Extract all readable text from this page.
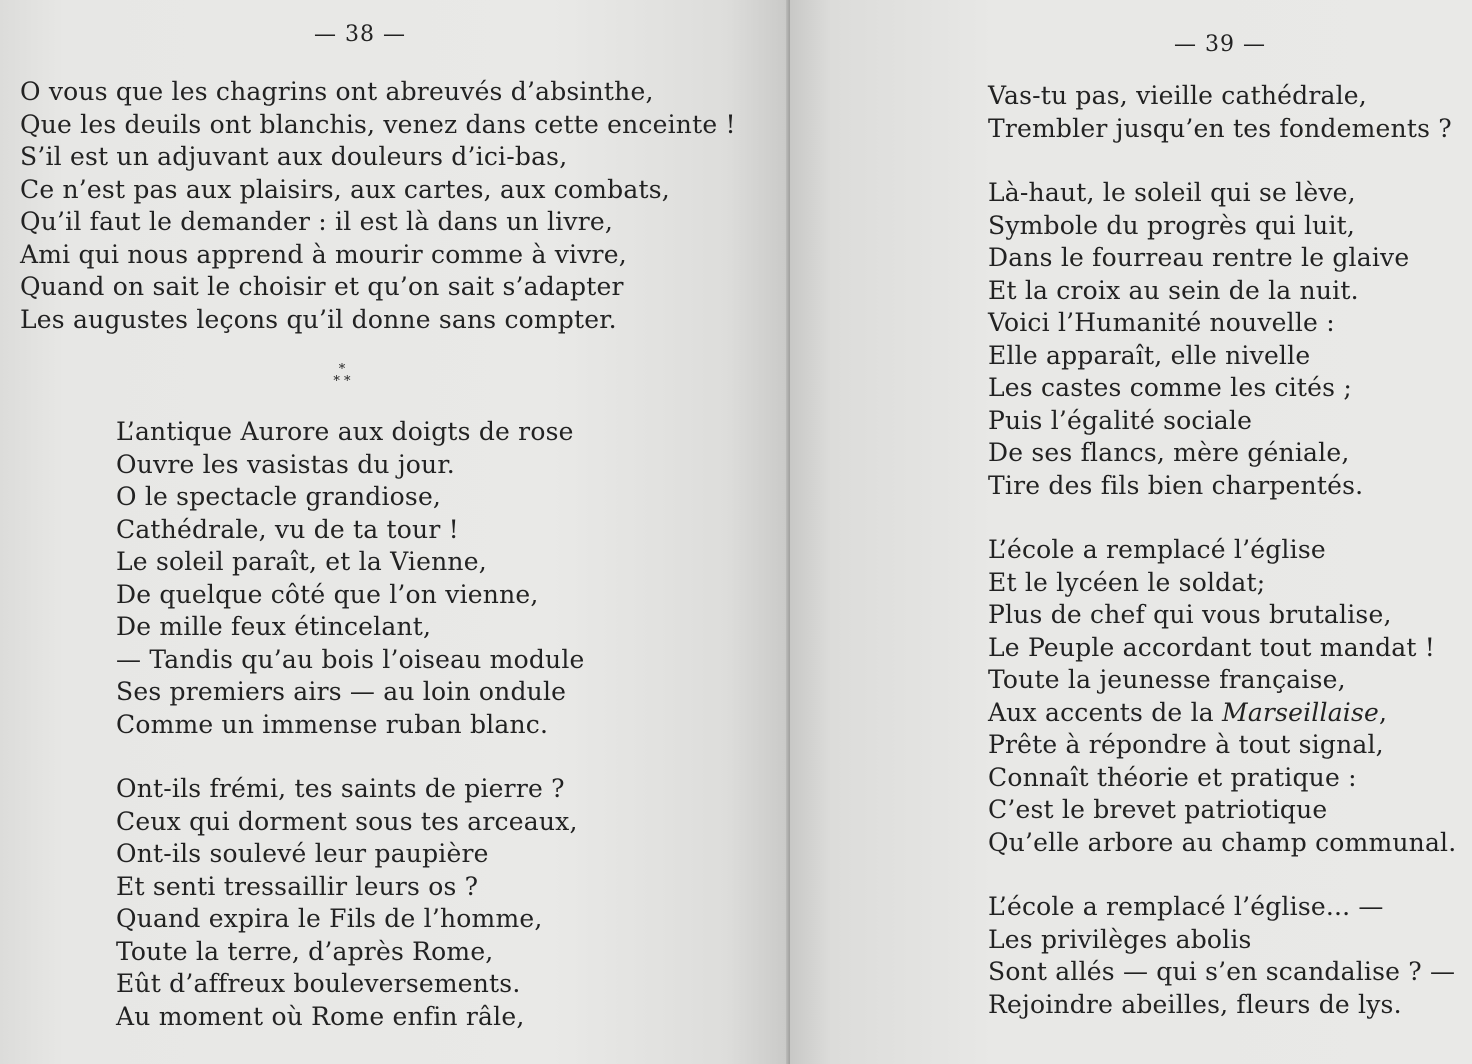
— 38 —
O vous que les chagrins ont abreuvés d’absinthe,
Que les deuils ont blanchis, venez dans cette enceinte !
S’il est un adjuvant aux douleurs d’ici-bas,
Ce n’est pas aux plaisirs, aux cartes, aux combats,
Qu’il faut le demander : il est là dans un livre,
Ami qui nous apprend à mourir comme à vivre,
Quand on sait le choisir et qu’on sait s’adapter
Les augustes leçons qu’il donne sans compter.
*
* *
L’antique Aurore aux doigts de rose
Ouvre les vasistas du jour.
O le spectacle grandiose,
Cathédrale, vu de ta tour !
Le soleil paraît, et la Vienne,
De quelque côté que l’on vienne,
De mille feux étincelant,
— Tandis qu’au bois l’oiseau module
Ses premiers airs — au loin ondule
Comme un immense ruban blanc.
Ont-ils frémi, tes saints de pierre ?
Ceux qui dorment sous tes arceaux,
Ont-ils soulevé leur paupière
Et senti tressaillir leurs os ?
Quand expira le Fils de l’homme,
Toute la terre, d’après Rome,
Eût d’affreux bouleversements.
Au moment où Rome enfin râle,
— 39 —
Vas-tu pas, vieille cathédrale,
Trembler jusqu’en tes fondements ?
Là-haut, le soleil qui se lève,
Symbole du progrès qui luit,
Dans le fourreau rentre le glaive
Et la croix au sein de la nuit.
Voici l’Humanité nouvelle :
Elle apparaît, elle nivelle
Les castes comme les cités ;
Puis l’égalité sociale
De ses flancs, mère géniale,
Tire des fils bien charpentés.
L’école a remplacé l’église
Et le lycéen le soldat;
Plus de chef qui vous brutalise,
Le Peuple accordant tout mandat !
Toute la jeunesse française,
Aux accents de la Marseillaise,
Prête à répondre à tout signal,
Connaît théorie et pratique :
C’est le brevet patriotique
Qu’elle arbore au champ communal.
L’école a remplacé l’église... —
Les privilèges abolis
Sont allés — qui s’en scandalise ? —
Rejoindre abeilles, fleurs de lys.
